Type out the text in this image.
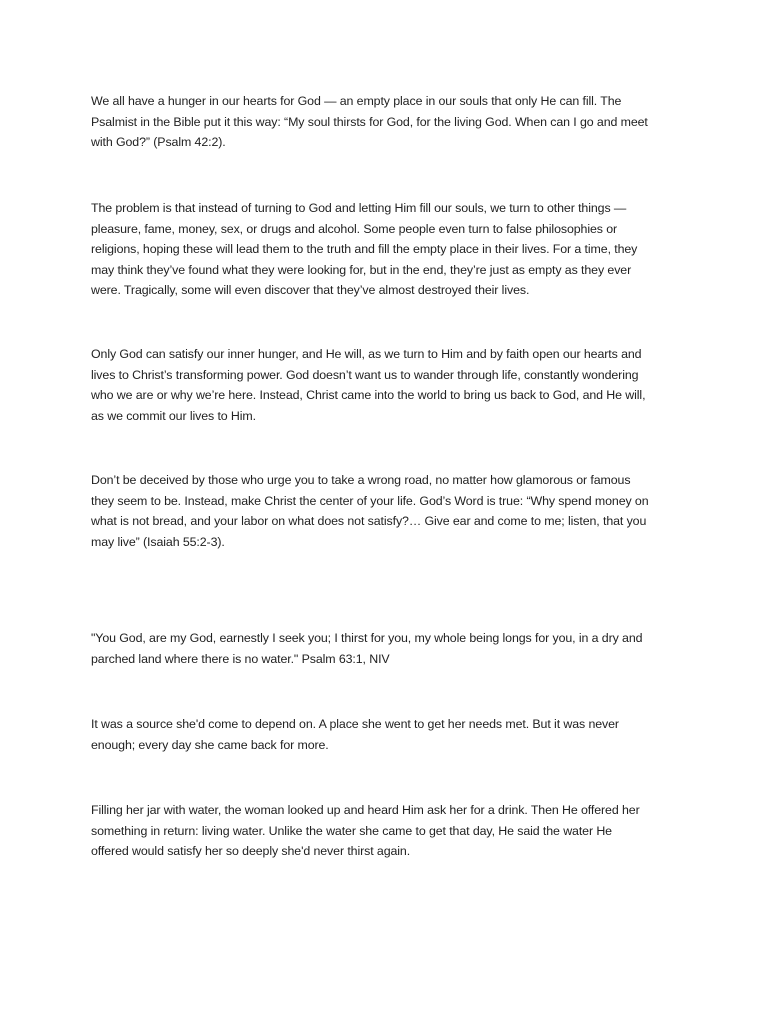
We all have a hunger in our hearts for God — an empty place in our souls that only He can fill. The
Psalmist in the Bible put it this way: “My soul thirsts for God, for the living God. When can I go and meet
with God?” (Psalm 42:2).

The problem is that instead of turning to God and letting Him fill our souls, we turn to other things —
pleasure, fame, money, sex, or drugs and alcohol. Some people even turn to false philosophies or
religions, hoping these will lead them to the truth and fill the empty place in their lives. For a time, they
may think they’ve found what they were looking for, but in the end, they’re just as empty as they ever
were. Tragically, some will even discover that they’ve almost destroyed their lives.

Only God can satisfy our inner hunger, and He will, as we turn to Him and by faith open our hearts and
lives to Christ’s transforming power. God doesn’t want us to wander through life, constantly wondering
who we are or why we’re here. Instead, Christ came into the world to bring us back to God, and He will,
as we commit our lives to Him.

Don’t be deceived by those who urge you to take a wrong road, no matter how glamorous or famous
they seem to be. Instead, make Christ the center of your life. God’s Word is true: “Why spend money on
what is not bread, and your labor on what does not satisfy?… Give ear and come to me; listen, that you
may live” (Isaiah 55:2-3).

"You God, are my God, earnestly I seek you; I thirst for you, my whole being longs for you, in a dry and
parched land where there is no water." Psalm 63:1, NIV

It was a source she'd come to depend on. A place she went to get her needs met. But it was never
enough; every day she came back for more.

Filling her jar with water, the woman looked up and heard Him ask her for a drink. Then He offered her
something in return: living water. Unlike the water she came to get that day, He said the water He
offered would satisfy her so deeply she'd never thirst again.
